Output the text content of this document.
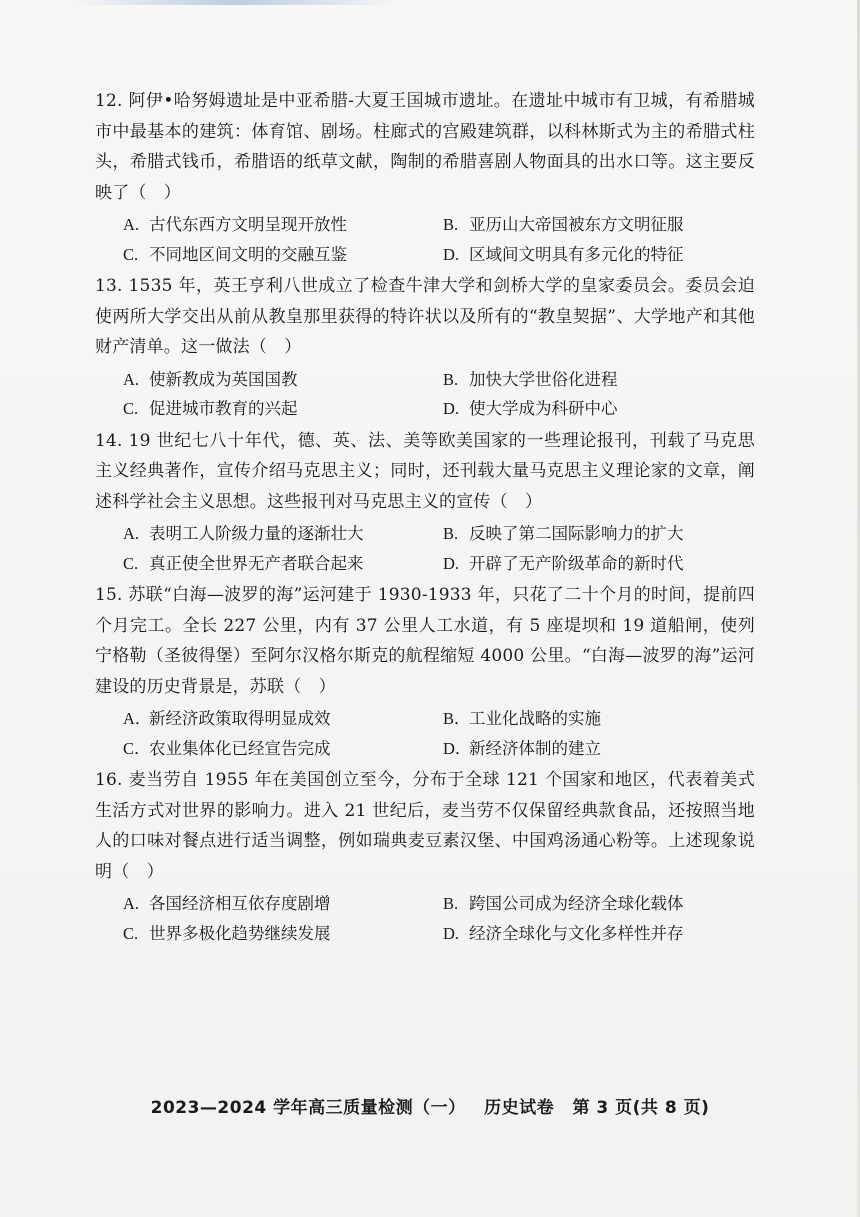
12. 阿伊•哈努姆遗址是中亚希腊-大夏王国城市遗址。在遗址中城市有卫城，有希腊城市中最基本的建筑：体育馆、剧场。柱廊式的宫殿建筑群，以科林斯式为主的希腊式柱头，希腊式钱币，希腊语的纸草文献，陶制的希腊喜剧人物面具的出水口等。这主要反映了（　）

A. 古代东西方文明呈现开放性	B. 亚历山大帝国被东方文明征服
C. 不同地区间文明的交融互鉴	D. 区域间文明具有多元化的特征

13. 1535 年，英王亨利八世成立了检查牛津大学和剑桥大学的皇家委员会。委员会迫使两所大学交出从前从教皇那里获得的特许状以及所有的“教皇契据”、大学地产和其他财产清单。这一做法（　）

A. 使新教成为英国国教	B. 加快大学世俗化进程
C. 促进城市教育的兴起	D. 使大学成为科研中心

14. 19 世纪七八十年代，德、英、法、美等欧美国家的一些理论报刊，刊载了马克思主义经典著作，宣传介绍马克思主义；同时，还刊载大量马克思主义理论家的文章，阐述科学社会主义思想。这些报刊对马克思主义的宣传（　）

A. 表明工人阶级力量的逐渐壮大	B. 反映了第二国际影响力的扩大
C. 真正使全世界无产者联合起来	D. 开辟了无产阶级革命的新时代

15. 苏联“白海—波罗的海”运河建于 1930-1933 年，只花了二十个月的时间，提前四个月完工。全长 227 公里，内有 37 公里人工水道，有 5 座堤坝和 19 道船闸，使列宁格勒（圣彼得堡）至阿尔汉格尔斯克的航程缩短 4000 公里。“白海—波罗的海”运河建设的历史背景是，苏联（　）

A．新经济政策取得明显成效	B．工业化战略的实施
C．农业集体化已经宣告完成	D．新经济体制的建立

16. 麦当劳自 1955 年在美国创立至今，分布于全球 121 个国家和地区，代表着美式生活方式对世界的影响力。进入 21 世纪后，麦当劳不仅保留经典款食品，还按照当地人的口味对餐点进行适当调整，例如瑞典麦豆素汉堡、中国鸡汤通心粉等。上述现象说明（　）

A. 各国经济相互依存度剧增	B. 跨国公司成为经济全球化载体
C. 世界多极化趋势继续发展	D. 经济全球化与文化多样性并存
2023—2024 学年高三质量检测（一） 历史试卷 第 3 页(共 8 页)
